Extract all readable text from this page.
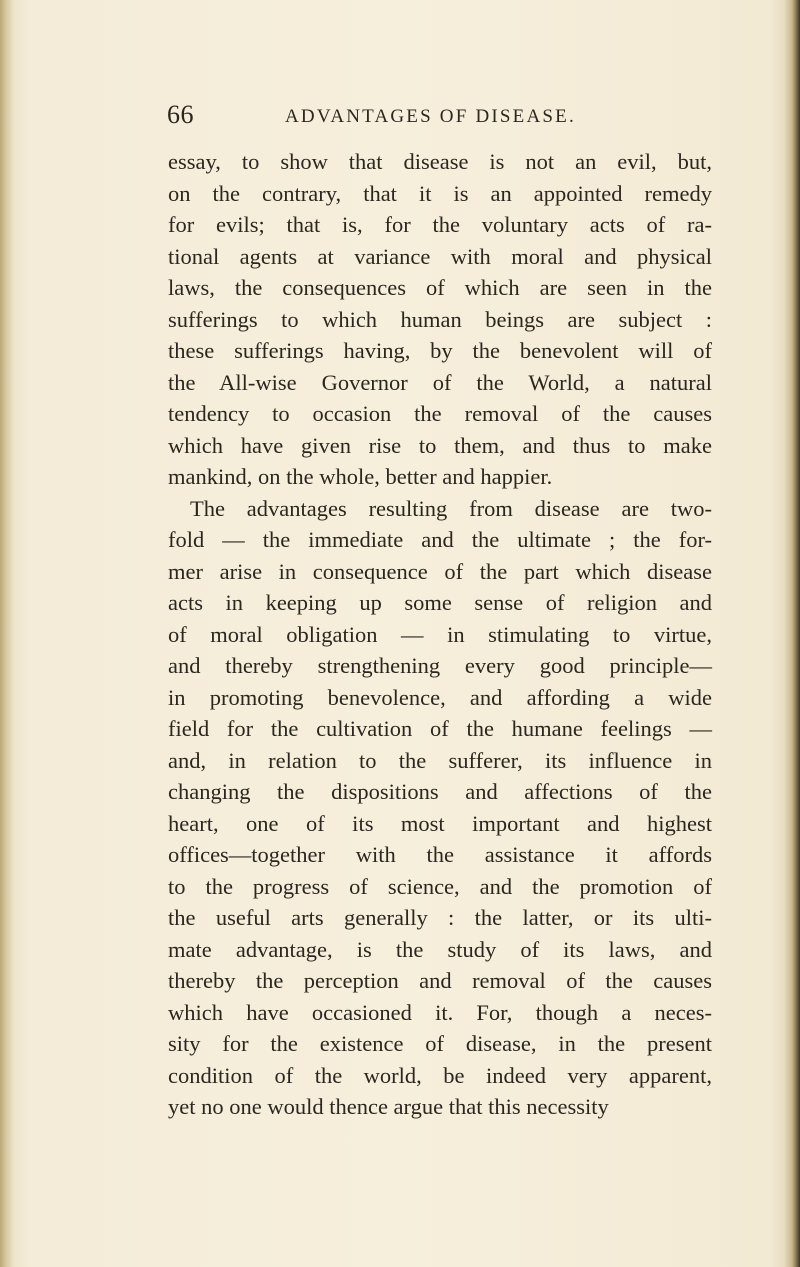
66	ADVANTAGES OF DISEASE.
essay, to show that disease is not an evil, but,
on the contrary, that it is an appointed remedy
for evils; that is, for the voluntary acts of ra-
tional agents at variance with moral and physical
laws, the consequences of which are seen in the
sufferings to which human beings are subject :
these sufferings having, by the benevolent will of
the All-wise Governor of the World, a natural
tendency to occasion the removal of the causes
which have given rise to them, and thus to make
mankind, on the whole, better and happier.
The advantages resulting from disease are two-
fold — the immediate and the ultimate ; the for-
mer arise in consequence of the part which disease
acts in keeping up some sense of religion and
of moral obligation — in stimulating to virtue,
and thereby strengthening every good principle—
in promoting benevolence, and affording a wide
field for the cultivation of the humane feelings —
and, in relation to the sufferer, its influence in
changing the dispositions and affections of the
heart, one of its most important and highest
offices—together with the assistance it affords
to the progress of science, and the promotion of
the useful arts generally : the latter, or its ulti-
mate advantage, is the study of its laws, and
thereby the perception and removal of the causes
which have occasioned it. For, though a neces-
sity for the existence of disease, in the present
condition of the world, be indeed very apparent,
yet no one would thence argue that this necessity
